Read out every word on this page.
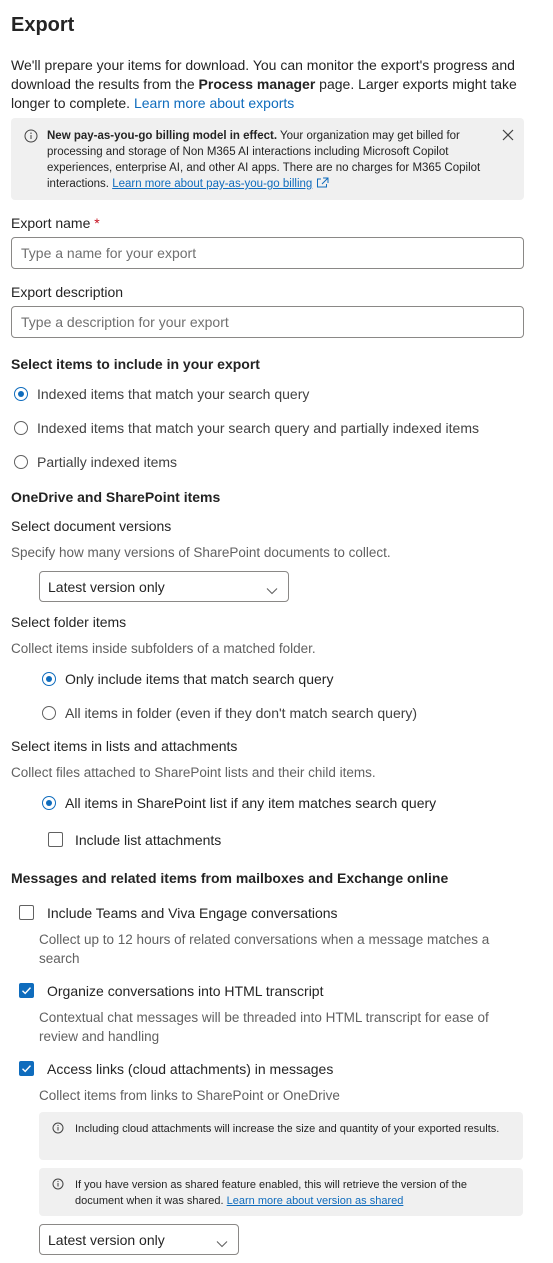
Export
We'll prepare your items for download. You can monitor the export's progress and download the results from the Process manager page. Larger exports might take longer to complete. Learn more about exports
New pay-as-you-go billing model in effect. Your organization may get billed for processing and storage of Non M365 AI interactions including Microsoft Copilot experiences, enterprise AI, and other AI apps. There are no charges for M365 Copilot interactions. Learn more about pay-as-you-go billing
Export name *
Type a name for your export
Export description
Type a description for your export
Select items to include in your export
Indexed items that match your search query
Indexed items that match your search query and partially indexed items
Partially indexed items
OneDrive and SharePoint items
Select document versions
Specify how many versions of SharePoint documents to collect.
Latest version only
Select folder items
Collect items inside subfolders of a matched folder.
Only include items that match search query
All items in folder (even if they don't match search query)
Select items in lists and attachments
Collect files attached to SharePoint lists and their child items.
All items in SharePoint list if any item matches search query
Include list attachments
Messages and related items from mailboxes and Exchange online
Include Teams and Viva Engage conversations
Collect up to 12 hours of related conversations when a message matches a search
Organize conversations into HTML transcript
Contextual chat messages will be threaded into HTML transcript for ease of review and handling
Access links (cloud attachments) in messages
Collect items from links to SharePoint or OneDrive
Including cloud attachments will increase the size and quantity of your exported results.
If you have version as shared feature enabled, this will retrieve the version of the document when it was shared. Learn more about version as shared
Latest version only
